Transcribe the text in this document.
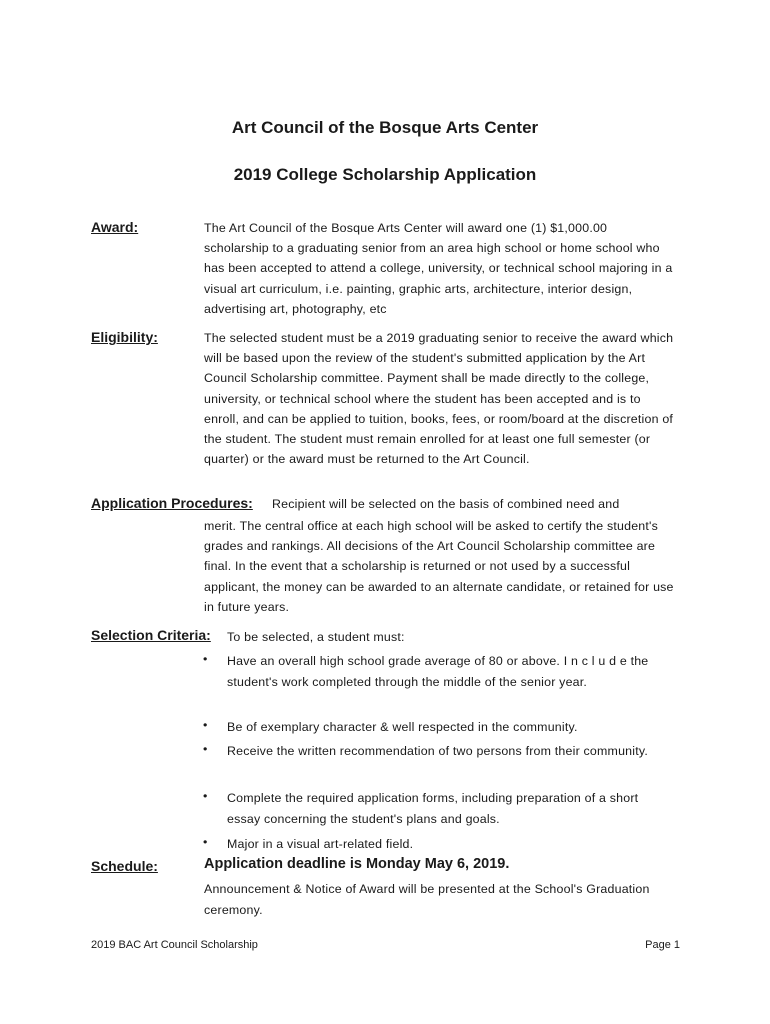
Art Council of the Bosque Arts Center
2019 College Scholarship Application
Award:	The Art Council of the Bosque Arts Center will award one (1) $1,000.00 scholarship to a graduating senior from an area high school or home school who has been accepted to attend a college, university, or technical school majoring in a visual art curriculum, i.e. painting, graphic arts, architecture, interior design, advertising art, photography, etc
Eligibility:	The selected student must be a 2019 graduating senior to receive the award which will be based upon the review of the student's submitted application by the Art Council Scholarship committee. Payment shall be made directly to the college, university, or technical school where the student has been accepted and is to enroll, and can be applied to tuition, books, fees, or room/board at the discretion of the student. The student must remain enrolled for at least one full semester (or quarter) or the award must be returned to the Art Council.
Application Procedures: Recipient will be selected on the basis of combined need and
merit. The central office at each high school will be asked to certify the student's grades and rankings. All decisions of the Art Council Scholarship committee are final. In the event that a scholarship is returned or not used by a successful applicant, the money can be awarded to an alternate candidate, or retained for use in future years.
Selection Criteria: To be selected, a student must:
• Have an overall high school grade average of 80 or above. I n c l u d e the student's work completed through the middle of the senior year.
• Be of exemplary character & well respected in the community.
• Receive the written recommendation of two persons from their community.
• Complete the required application forms, including preparation of a short essay concerning the student's plans and goals.
• Major in a visual art-related field.
Schedule:	Application deadline is Monday May 6, 2019.
Announcement & Notice of Award will be presented at the School's Graduation ceremony.
2019 BAC Art Council Scholarship	Page 1
